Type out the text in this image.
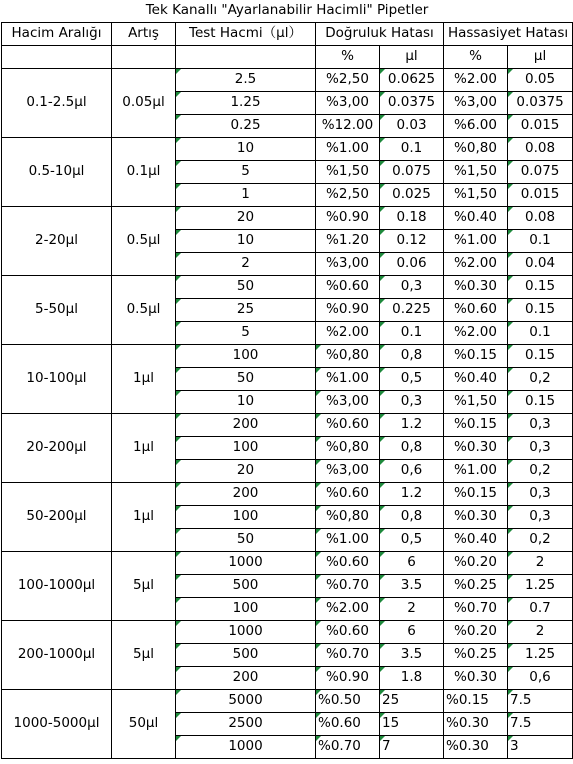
Tek Kanallı "Ayarlanabilir Hacimli" Pipetler						
Hacim Aralığı	Artış	Test Hacmi（µl）	Doğruluk Hatası		Hassasiyet Hatası	
			%	µl	%	µl
0.1-2.5µl	0.05µl	2.5	%2,50	0.0625	%2.00	0.05
		1.25	%3,00	0.0375	%3,00	0.0375
		0.25	%12.00	0.03	%6.00	0.015
0.5-10µl	0.1µl	10	%1.00	0.1	%0,80	0.08
		5	%1,50	0.075	%1,50	0.075
		1	%2,50	0.025	%1,50	0.015
2-20µl	0.5µl	20	%0.90	0.18	%0.40	0.08
		10	%1.20	0.12	%1.00	0.1
		2	%3,00	0.06	%2.00	0.04
5-50µl	0.5µl	50	%0.60	0,3	%0.30	0.15
		25	%0.90	0.225	%0.60	0.15
		5	%2.00	0.1	%2.00	0.1
10-100µl	1µl	100	%0,80	0,8	%0.15	0.15
		50	%1.00	0,5	%0.40	0,2
		10	%3,00	0,3	%1,50	0.15
20-200µl	1µl	200	%0.60	1.2	%0.15	0,3
		100	%0,80	0,8	%0.30	0,3
		20	%3,00	0,6	%1.00	0,2
50-200µl	1µl	200	%0.60	1.2	%0.15	0,3
		100	%0,80	0,8	%0.30	0,3
		50	%1.00	0,5	%0.40	0,2
100-1000µl	5µl	1000	%0.60	6	%0.20	2
		500	%0.70	3.5	%0.25	1.25
		100	%2.00	2	%0.70	0.7
200-1000µl	5µl	1000	%0.60	6	%0.20	2
		500	%0.70	3.5	%0.25	1.25
		200	%0.90	1.8	%0.30	0,6
1000-5000µl	50µl	5000	%0.50	25	%0.15	7.5
		2500	%0.60	15	%0.30	7.5
		1000	%0.70	7	%0.30	3
